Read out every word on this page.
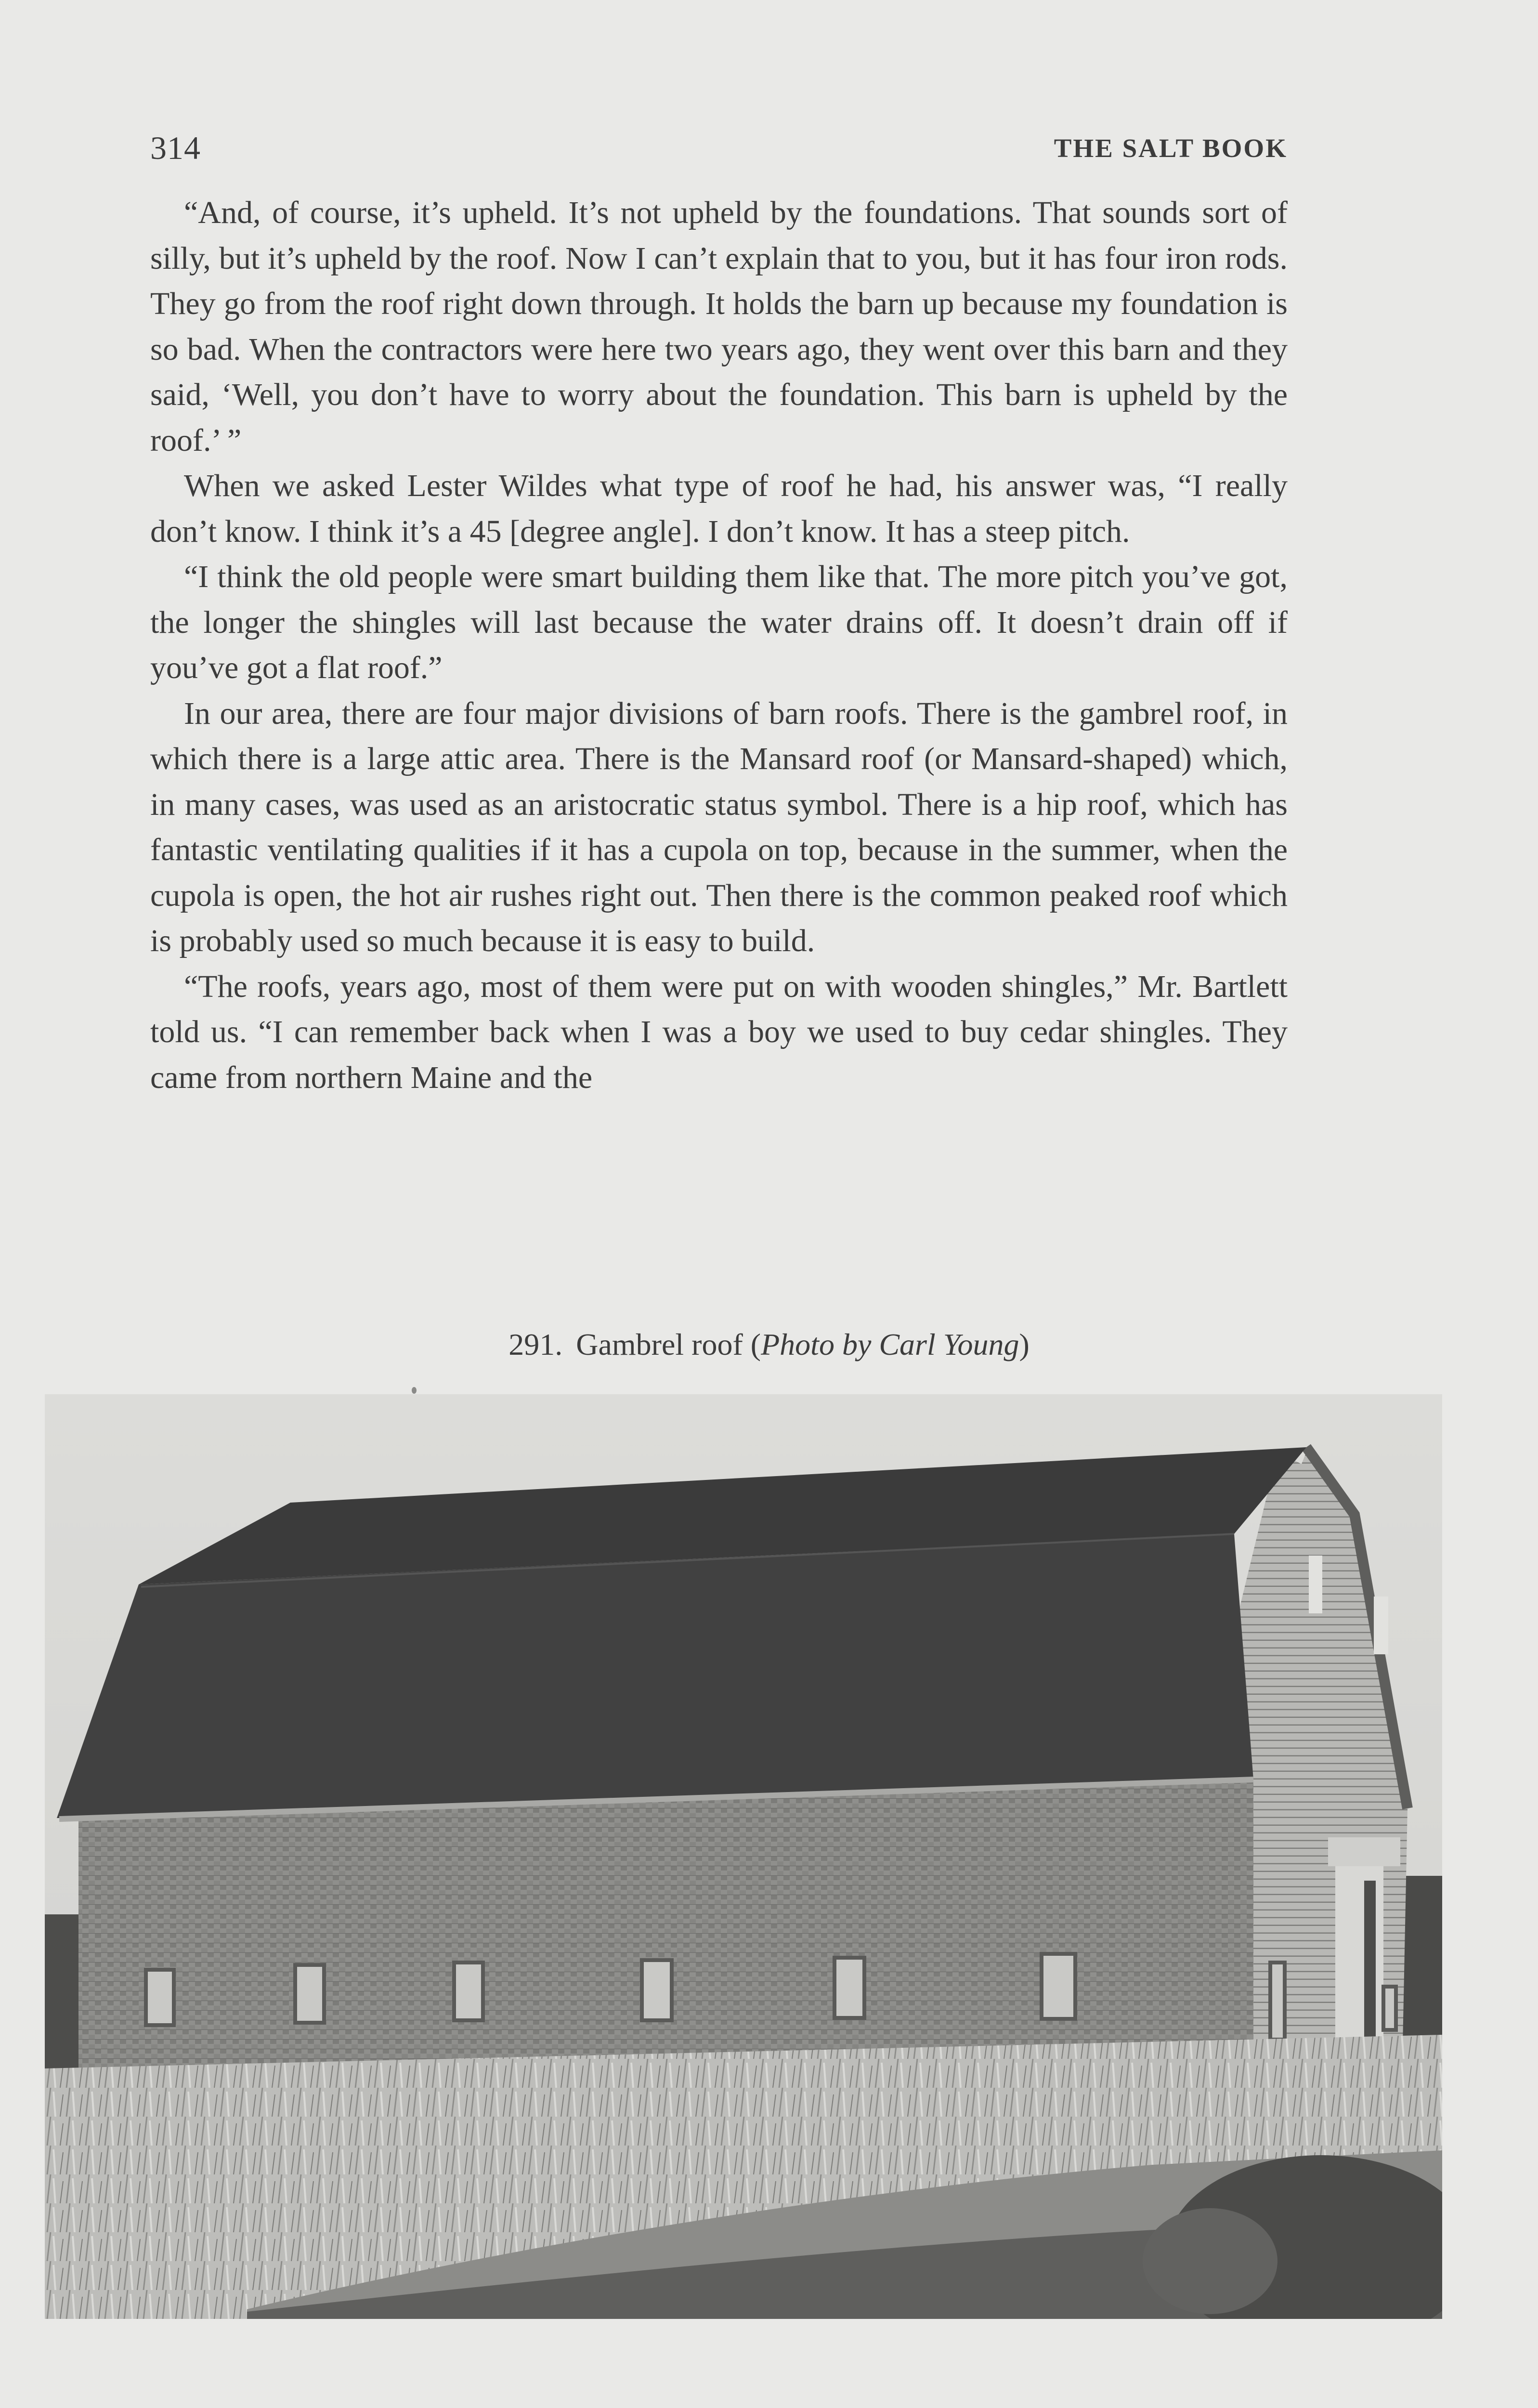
314	THE SALT BOOK

“And, of course, it’s upheld. It’s not upheld by the foundations. That sounds sort of silly, but it’s upheld by the roof. Now I can’t explain that to you, but it has four iron rods. They go from the roof right down through. It holds the barn up because my foundation is so bad. When the contractors were here two years ago, they went over this barn and they said, ‘Well, you don’t have to worry about the foundation. This barn is upheld by the roof.’ ”

When we asked Lester Wildes what type of roof he had, his answer was, “I really don’t know. I think it’s a 45 [degree angle]. I don’t know. It has a steep pitch.

“I think the old people were smart building them like that. The more pitch you’ve got, the longer the shingles will last because the water drains off. It doesn’t drain off if you’ve got a flat roof.”

In our area, there are four major divisions of barn roofs. There is the gambrel roof, in which there is a large attic area. There is the Mansard roof (or Mansard-shaped) which, in many cases, was used as an aristocratic status symbol. There is a hip roof, which has fantastic ventilating qualities if it has a cupola on top, because in the summer, when the cupola is open, the hot air rushes right out. Then there is the common peaked roof which is probably used so much because it is easy to build.

“The roofs, years ago, most of them were put on with wooden shingles,” Mr. Bartlett told us. “I can remember back when I was a boy we used to buy cedar shingles. They came from northern Maine and the

291. Gambrel roof (Photo by Carl Young)
